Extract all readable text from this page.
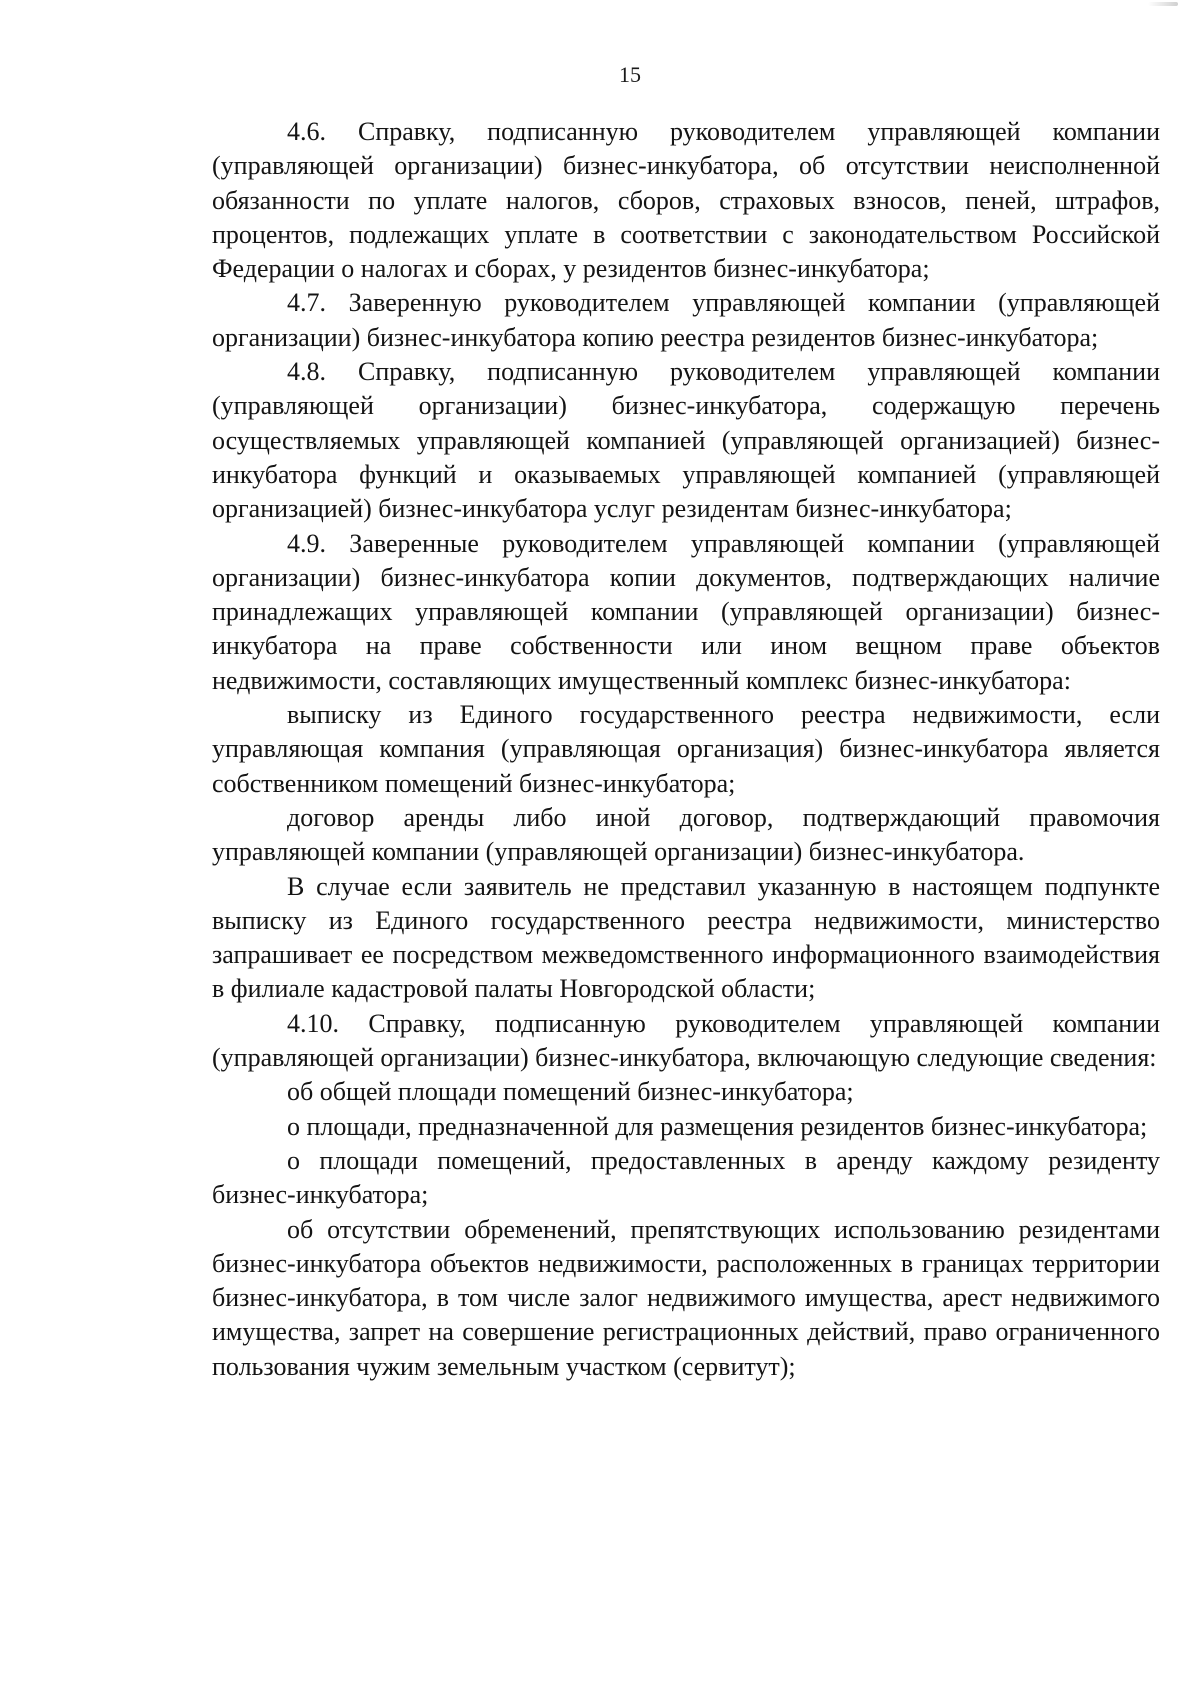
15

4.6. Справку, подписанную руководителем управляющей компании (управляющей организации) бизнес-инкубатора, об отсутствии неисполненной обязанности по уплате налогов, сборов, страховых взносов, пеней, штрафов, процентов, подлежащих уплате в соответствии с законодательством Российской Федерации о налогах и сборах, у резидентов бизнес-инкубатора;

4.7. Заверенную руководителем управляющей компании (управляющей организации) бизнес-инкубатора копию реестра резидентов бизнес-инкубатора;

4.8. Справку, подписанную руководителем управляющей компании (управляющей организации) бизнес-инкубатора, содержащую перечень осуществляемых управляющей компанией (управляющей организацией) бизнес-инкубатора функций и оказываемых управляющей компанией (управляющей организацией) бизнес-инкубатора услуг резидентам бизнес-инкубатора;

4.9. Заверенные руководителем управляющей компании (управляющей организации) бизнес-инкубатора копии документов, подтверждающих наличие принадлежащих управляющей компании (управляющей организации) бизнес-инкубатора на праве собственности или ином вещном праве объектов недвижимости, составляющих имущественный комплекс бизнес-инкубатора:

выписку из Единого государственного реестра недвижимости, если управляющая компания (управляющая организация) бизнес-инкубатора является собственником помещений бизнес-инкубатора;

договор аренды либо иной договор, подтверждающий правомочия управляющей компании (управляющей организации) бизнес-инкубатора.

В случае если заявитель не представил указанную в настоящем подпункте выписку из Единого государственного реестра недвижимости, министерство запрашивает ее посредством межведомственного информационного взаимодействия в филиале кадастровой палаты Новгородской области;

4.10. Справку, подписанную руководителем управляющей компании (управляющей организации) бизнес-инкубатора, включающую следующие сведения:

об общей площади помещений бизнес-инкубатора;

о площади, предназначенной для размещения резидентов бизнес-инкубатора;

о площади помещений, предоставленных в аренду каждому резиденту бизнес-инкубатора;

об отсутствии обременений, препятствующих использованию резидентами бизнес-инкубатора объектов недвижимости, расположенных в границах территории бизнес-инкубатора, в том числе залог недвижимого имущества, арест недвижимого имущества, запрет на совершение регистрационных действий, право ограниченного пользования чужим земельным участком (сервитут);
